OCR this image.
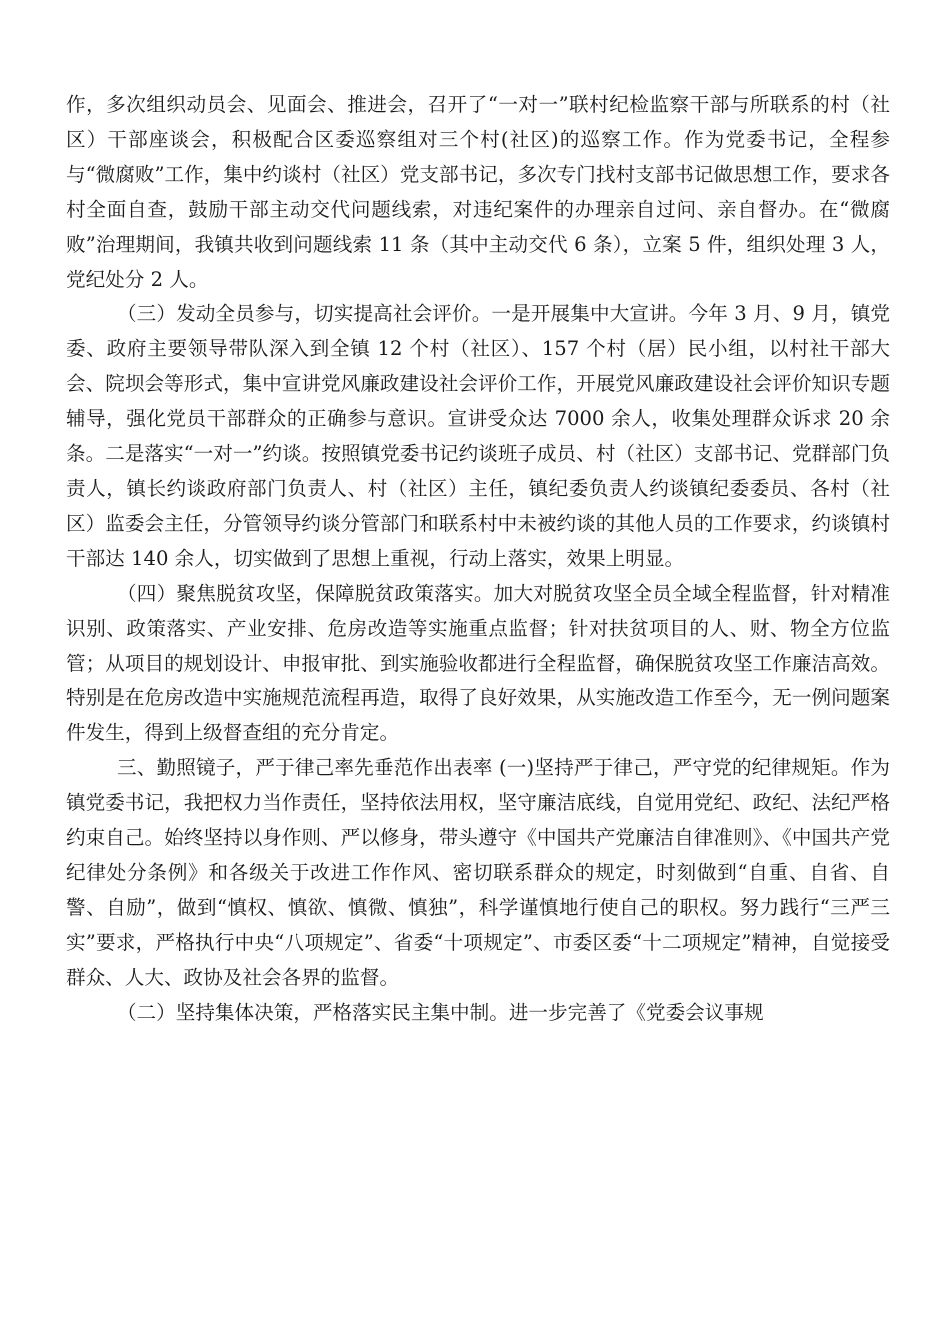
作，多次组织动员会、见面会、推进会，召开了“一对一”联村纪检监察干部与所联系的村（社区）干部座谈会，积极配合区委巡察组对三个村(社区)的巡察工作。作为党委书记，全程参与“微腐败”工作，集中约谈村（社区）党支部书记，多次专门找村支部书记做思想工作，要求各村全面自查，鼓励干部主动交代问题线索，对违纪案件的办理亲自过问、亲自督办。在“微腐败”治理期间，我镇共收到问题线索 11 条（其中主动交代 6 条），立案 5 件，组织处理 3 人，党纪处分 2 人。

（三）发动全员参与，切实提高社会评价。一是开展集中大宣讲。今年 3 月、9 月，镇党委、政府主要领导带队深入到全镇 12 个村（社区）、157 个村（居）民小组，以村社干部大会、院坝会等形式，集中宣讲党风廉政建设社会评价工作，开展党风廉政建设社会评价知识专题辅导，强化党员干部群众的正确参与意识。宣讲受众达 7000 余人，收集处理群众诉求 20 余条。二是落实“一对一”约谈。按照镇党委书记约谈班子成员、村（社区）支部书记、党群部门负责人，镇长约谈政府部门负责人、村（社区）主任，镇纪委负责人约谈镇纪委委员、各村（社区）监委会主任，分管领导约谈分管部门和联系村中未被约谈的其他人员的工作要求，约谈镇村干部达 140 余人，切实做到了思想上重视，行动上落实，效果上明显。

（四）聚焦脱贫攻坚，保障脱贫政策落实。加大对脱贫攻坚全员全域全程监督，针对精准识别、政策落实、产业安排、危房改造等实施重点监督；针对扶贫项目的人、财、物全方位监管；从项目的规划设计、申报审批、到实施验收都进行全程监督，确保脱贫攻坚工作廉洁高效。特别是在危房改造中实施规范流程再造，取得了良好效果，从实施改造工作至今，无一例问题案件发生，得到上级督查组的充分肯定。

三、勤照镜子，严于律己率先垂范作出表率 (一)坚持严于律己，严守党的纪律规矩。作为镇党委书记，我把权力当作责任，坚持依法用权，坚守廉洁底线，自觉用党纪、政纪、法纪严格约束自己。始终坚持以身作则、严以修身，带头遵守《中国共产党廉洁自律准则》、《中国共产党纪律处分条例》和各级关于改进工作作风、密切联系群众的规定，时刻做到“自重、自省、自警、自励”，做到“慎权、慎欲、慎微、慎独”，科学谨慎地行使自己的职权。努力践行“三严三实”要求，严格执行中央“八项规定”、省委“十项规定”、市委区委“十二项规定”精神，自觉接受群众、人大、政协及社会各界的监督。

（二）坚持集体决策，严格落实民主集中制。进一步完善了《党委会议事规
